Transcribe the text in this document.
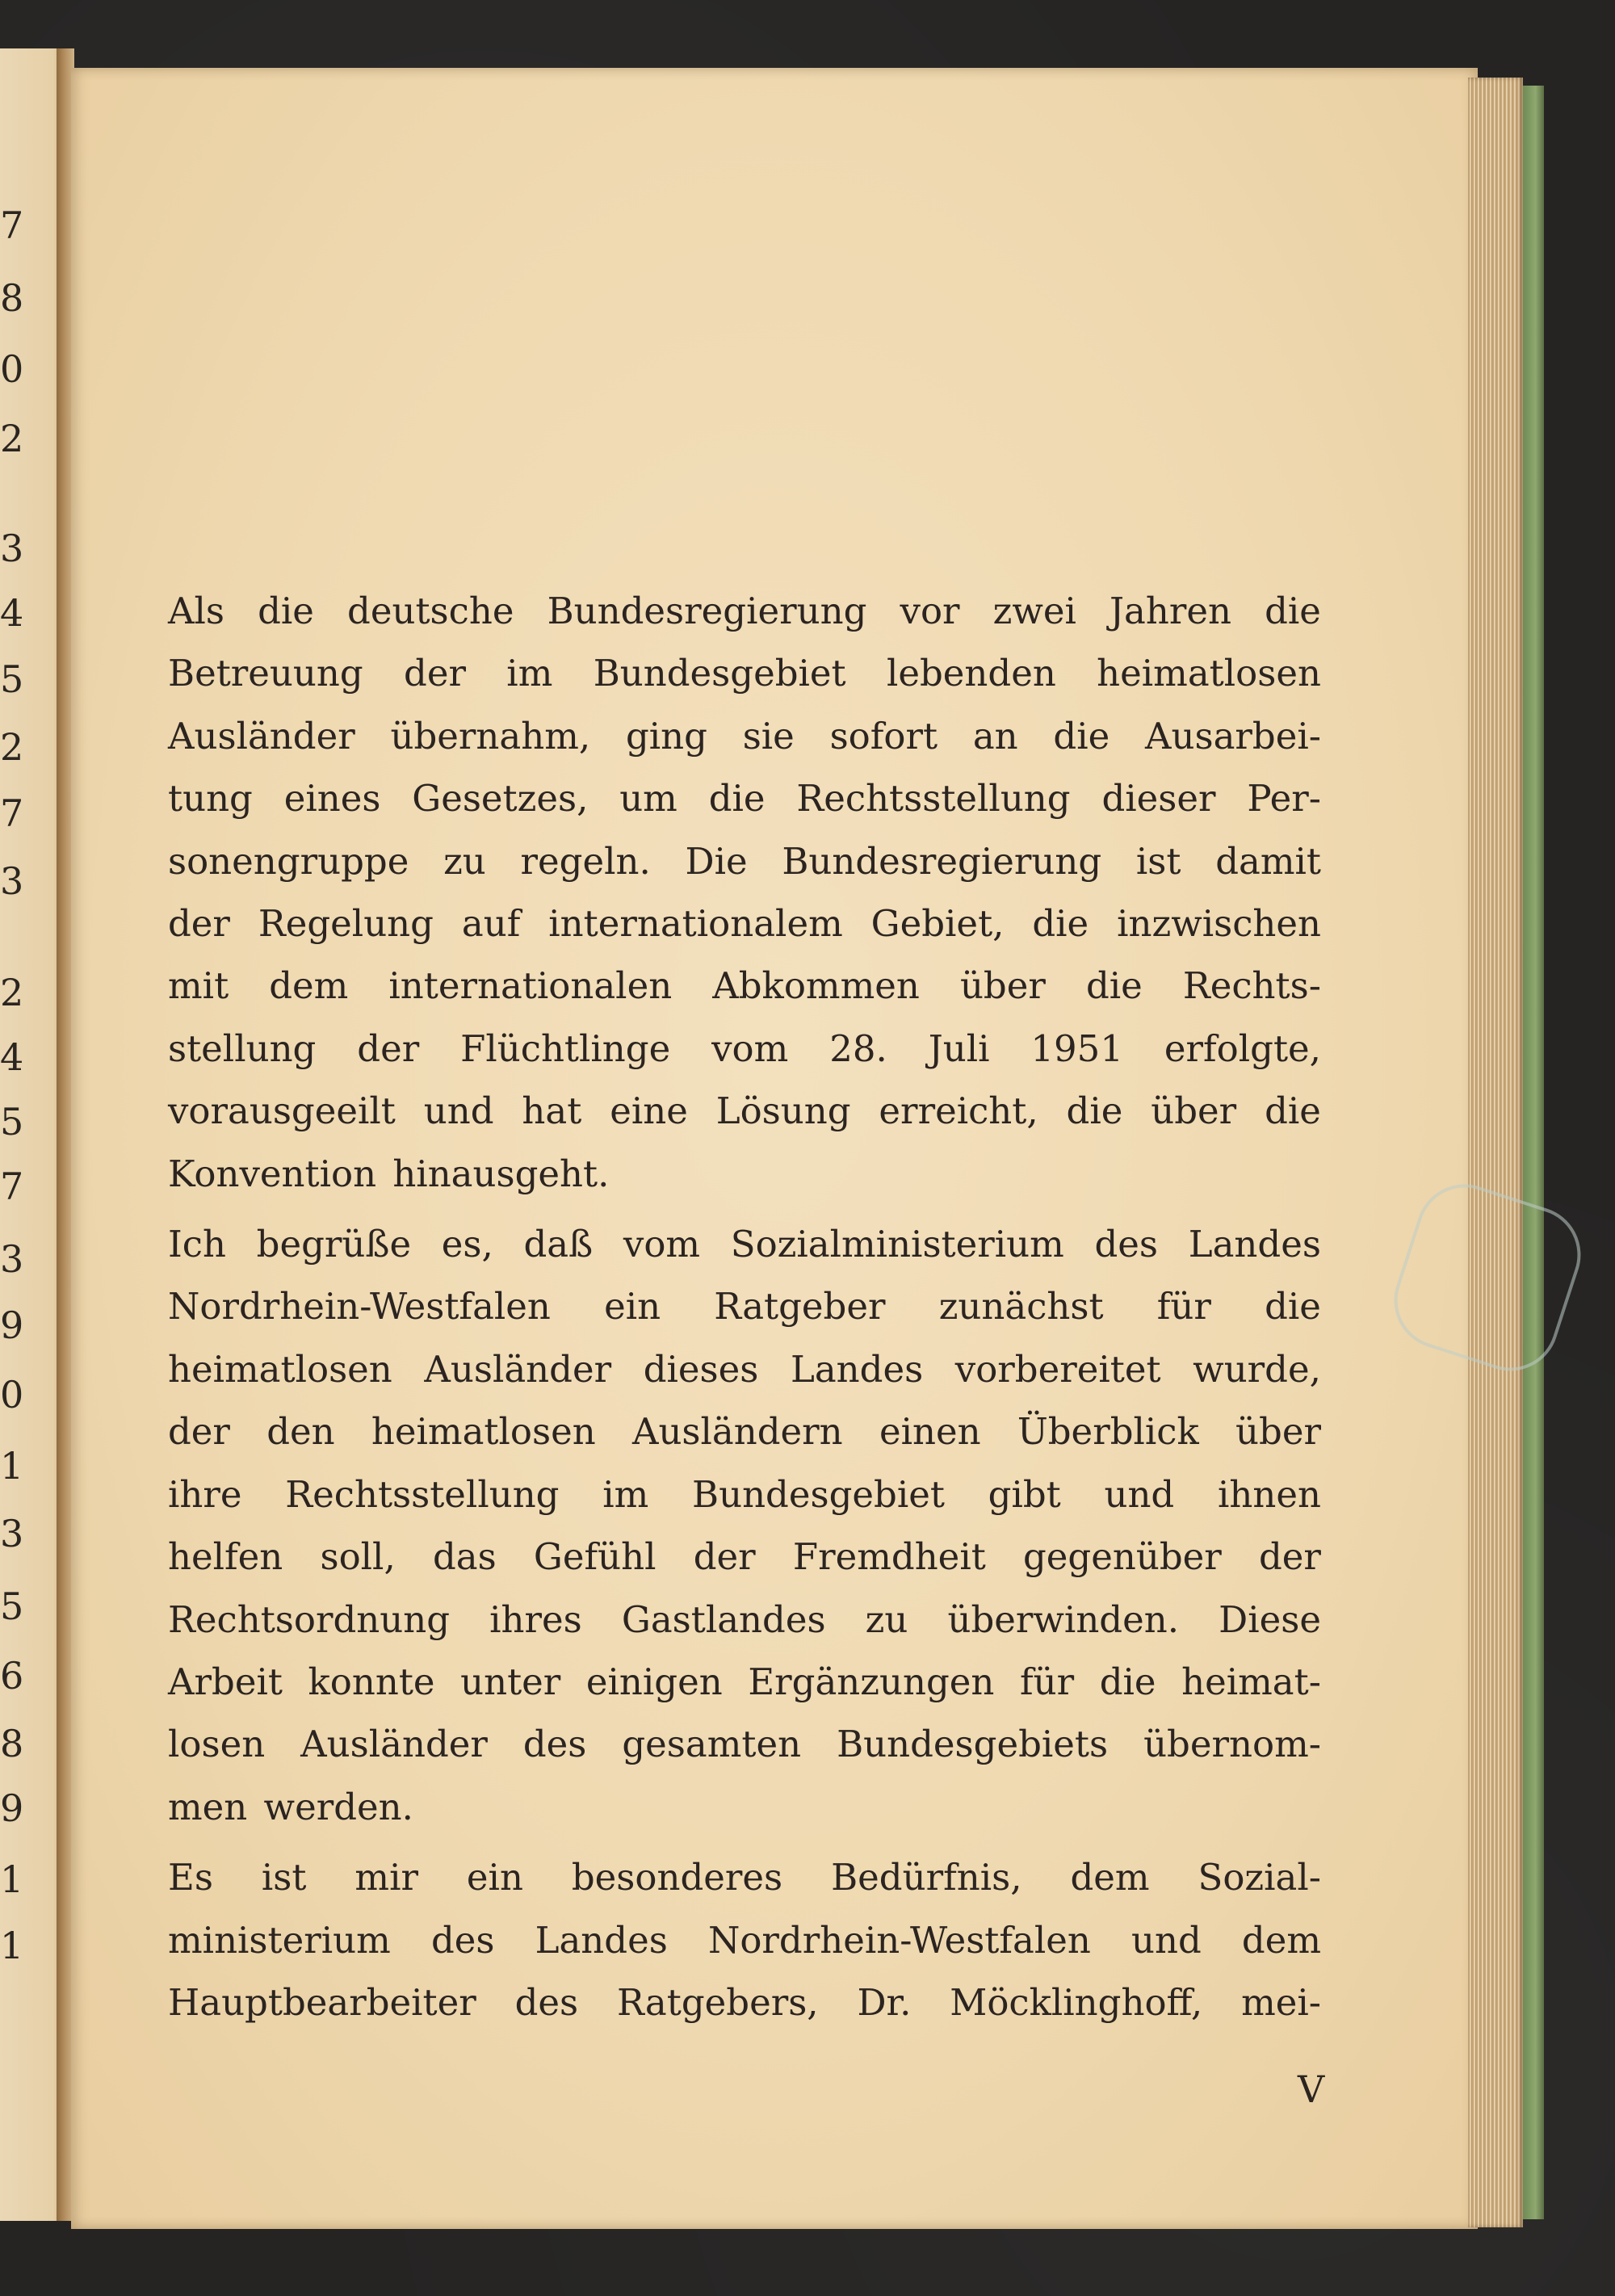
7
8
0
2
3
4
5
2
7
3
2
4
5
7
3
9
0
1
3
5
6
8
9
1
1
Als die deutsche Bundesregierung vor zwei Jahren die
Betreuung der im Bundesgebiet lebenden heimatlosen
Ausländer übernahm, ging sie sofort an die Ausarbei-
tung eines Gesetzes, um die Rechtsstellung dieser Per-
sonengruppe zu regeln. Die Bundesregierung ist damit
der Regelung auf internationalem Gebiet, die inzwischen
mit dem internationalen Abkommen über die Rechts-
stellung der Flüchtlinge vom 28. Juli 1951 erfolgte,
vorausgeeilt und hat eine Lösung erreicht, die über die
Konvention hinausgeht.
Ich begrüße es, daß vom Sozialministerium des Landes
Nordrhein-Westfalen ein Ratgeber zunächst für die
heimatlosen Ausländer dieses Landes vorbereitet wurde,
der den heimatlosen Ausländern einen Überblick über
ihre Rechtsstellung im Bundesgebiet gibt und ihnen
helfen soll, das Gefühl der Fremdheit gegenüber der
Rechtsordnung ihres Gastlandes zu überwinden. Diese
Arbeit konnte unter einigen Ergänzungen für die heimat-
losen Ausländer des gesamten Bundesgebiets übernom-
men werden.
Es ist mir ein besonderes Bedürfnis, dem Sozial-
ministerium des Landes Nordrhein-Westfalen und dem
Hauptbearbeiter des Ratgebers, Dr. Möcklinghoff, mei-
V
